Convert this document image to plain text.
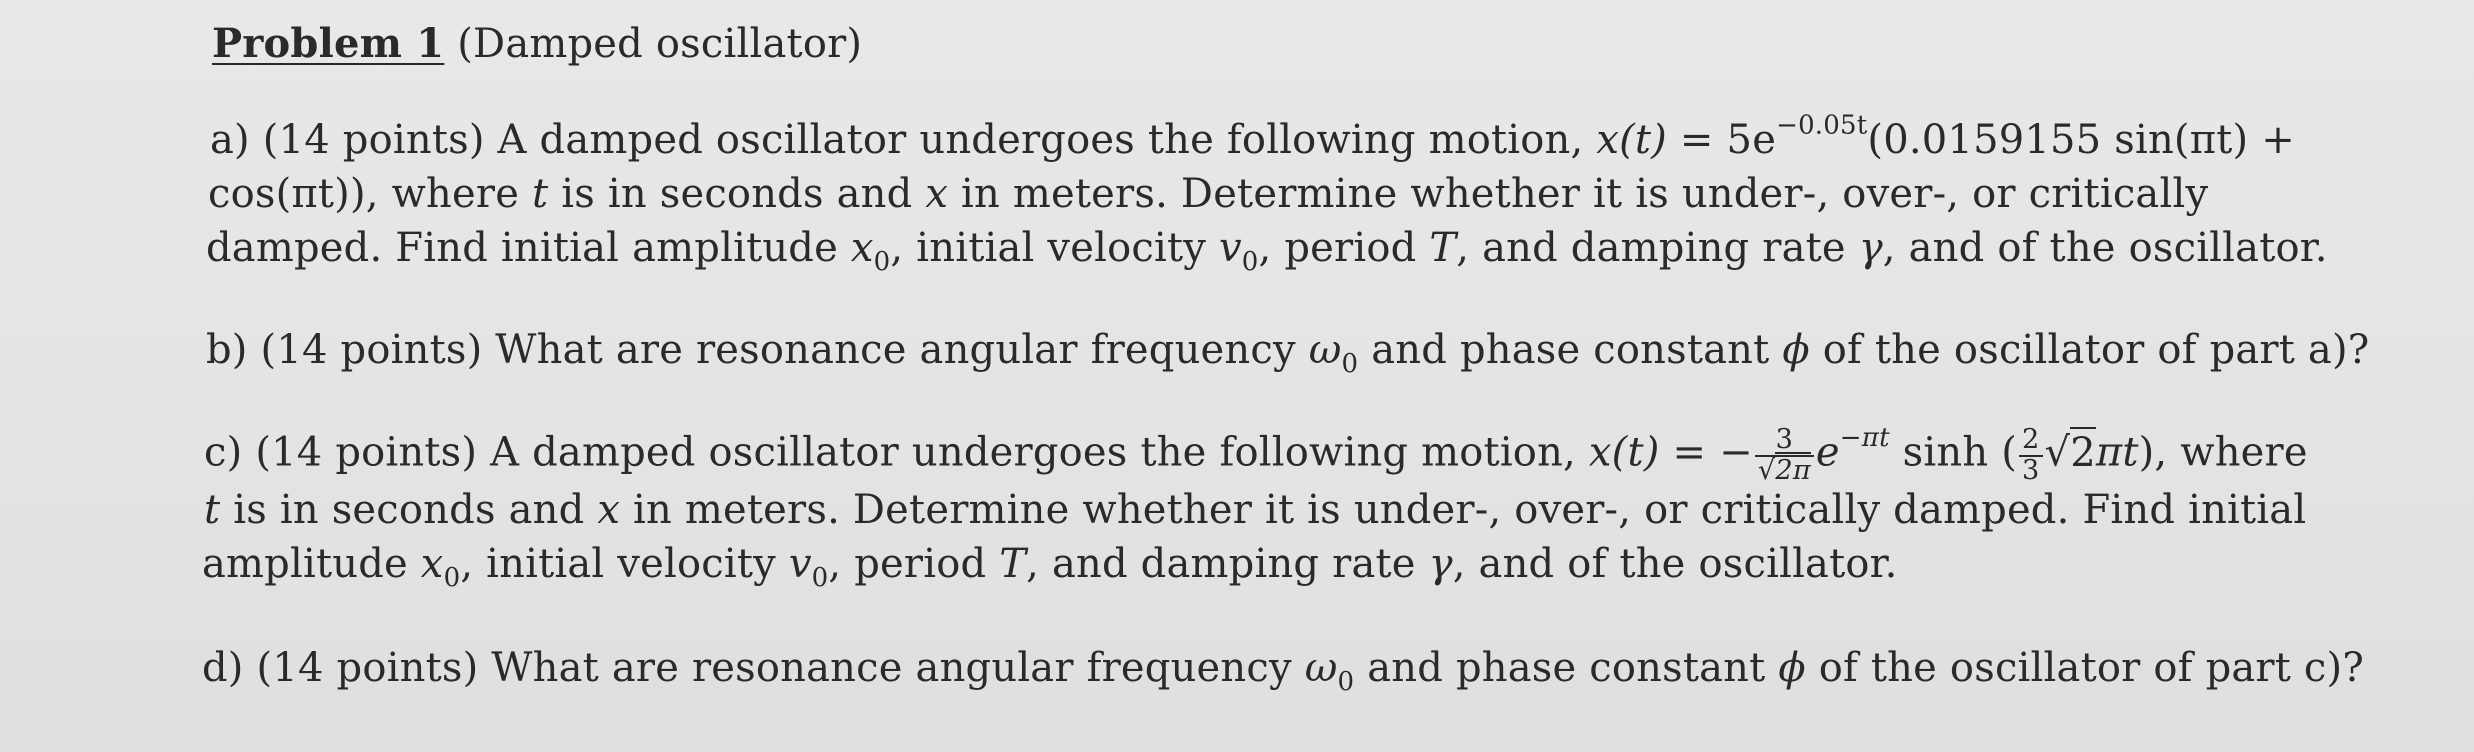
Problem 1 (Damped oscillator)
a) (14 points) A damped oscillator undergoes the following motion, $x(t) = 5e^{-0.05t}(0.0159155$ sin(πt) +
cos(πt)), where t is in seconds and x in meters. Determine whether it is under-, over-, or critically
damped. Find initial amplitude $x_0$, initial velocity $v_0$, period T, and damping rate γ, and of the oscillator.
b) (14 points) What are resonance angular frequency $\omega_0$ and phase constant ϕ of the oscillator of part a)?
c) (14 points) A damped oscillator undergoes the following motion, x(t) = − $\frac{3}{√2\pi} e^{-\pi t}$ sinh ( $\frac{2}{3} √2\pi t$), where
t is in seconds and x in meters. Determine whether it is under-, over-, or critically damped. Find initial
amplitude $x_0$, initial velocity $v_0$, period T, and damping rate γ, and of the oscillator.
d) (14 points) What are resonance angular frequency $\omega_0$ and phase constant ϕ of the oscillator of part c)?
